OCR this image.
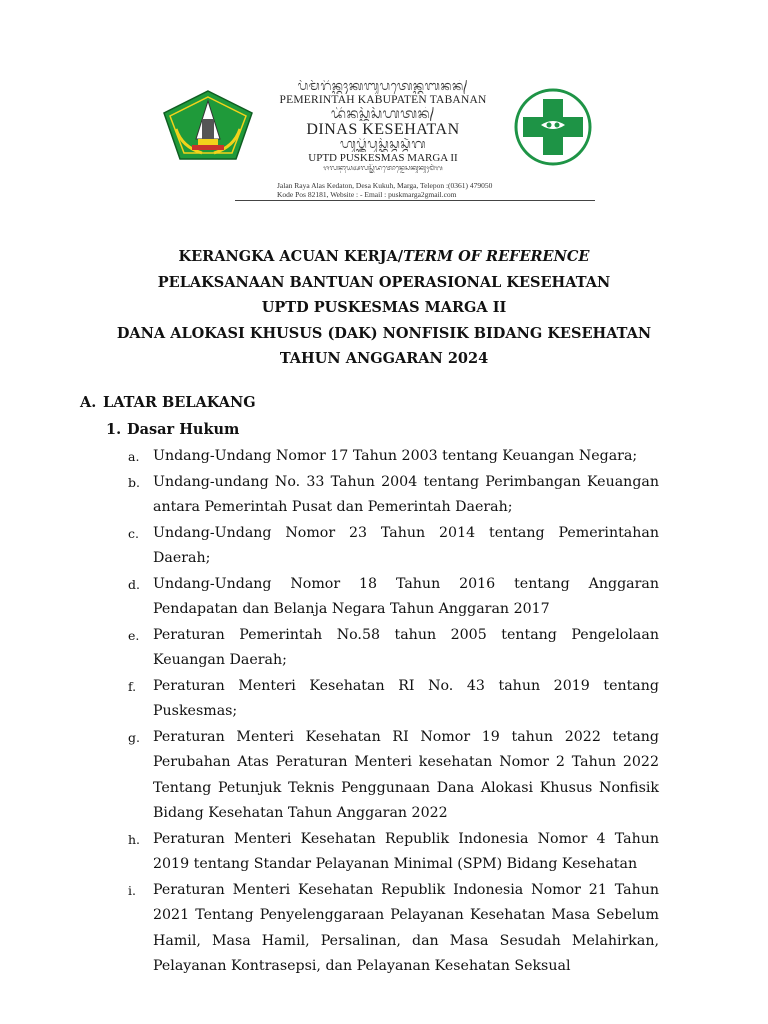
ᬧᭂᬫᭂᬭᬶᬦ᭄ᬢᬄᬓᬩᬸᬧᬢᬾᬦ᭄ᬢᬩᬦᬦ᭄
PEMERINTAH KABUPATEN TABANAN
ᬤᬶᬦᬲ᭄ᬓᭂᬲᭂᬳᬢᬦ᭄
DINAS KESEHATAN
ᬳᬸᬧ᭄ᬢ᭄ᬤᬶᬧᬸᬲ᭄ᬓᭂᬲ᭄ᬫᬲ᭄ᬫᬃᬕ
UPTD PUSKESMAS MARGA II
ᬚᬮᬦ᭄ᬭᬵᬬᬅᬮᬲ᭄ᬓᭂᬤᬢᭀᬦ᭄ᬤᬾᬲᬓᬸᬓᬸᬄᬫᬃᬕ
Jalan Raya Alas Kedaton, Desa Kukuh, Marga, Telepon :(0361) 479050
Kode Pos 82181, Website : - Email : puskmarga2gmail.com
KERANGKA ACUAN KERJA/TERM OF REFERENCE
PELAKSANAAN BANTUAN OPERASIONAL KESEHATAN
UPTD PUSKESMAS MARGA II
DANA ALOKASI KHUSUS (DAK) NONFISIK BIDANG KESEHATAN
TAHUN ANGGARAN 2024
A. LATAR BELAKANG
1. Dasar Hukum
a. Undang-Undang Nomor 17 Tahun 2003 tentang Keuangan Negara;
b. Undang-undang No. 33 Tahun 2004 tentang Perimbangan Keuangan antara Pemerintah Pusat dan Pemerintah Daerah;
c. Undang-Undang Nomor 23 Tahun 2014 tentang Pemerintahan Daerah;
d. Undang-Undang Nomor 18 Tahun 2016 tentang Anggaran Pendapatan dan Belanja Negara Tahun Anggaran 2017
e. Peraturan Pemerintah No.58 tahun 2005 tentang Pengelolaan Keuangan Daerah;
f. Peraturan Menteri Kesehatan RI No. 43 tahun 2019 tentang Puskesmas;
g. Peraturan Menteri Kesehatan RI Nomor 19 tahun 2022 tetang Perubahan Atas Peraturan Menteri kesehatan Nomor 2 Tahun 2022 Tentang Petunjuk Teknis Penggunaan Dana Alokasi Khusus Nonfisik Bidang Kesehatan Tahun Anggaran 2022
h. Peraturan Menteri Kesehatan Republik Indonesia Nomor 4 Tahun 2019 tentang Standar Pelayanan Minimal (SPM) Bidang Kesehatan
i. Peraturan Menteri Kesehatan Republik Indonesia Nomor 21 Tahun 2021 Tentang Penyelenggaraan Pelayanan Kesehatan Masa Sebelum Hamil, Masa Hamil, Persalinan, dan Masa Sesudah Melahirkan, Pelayanan Kontrasepsi, dan Pelayanan Kesehatan Seksual
